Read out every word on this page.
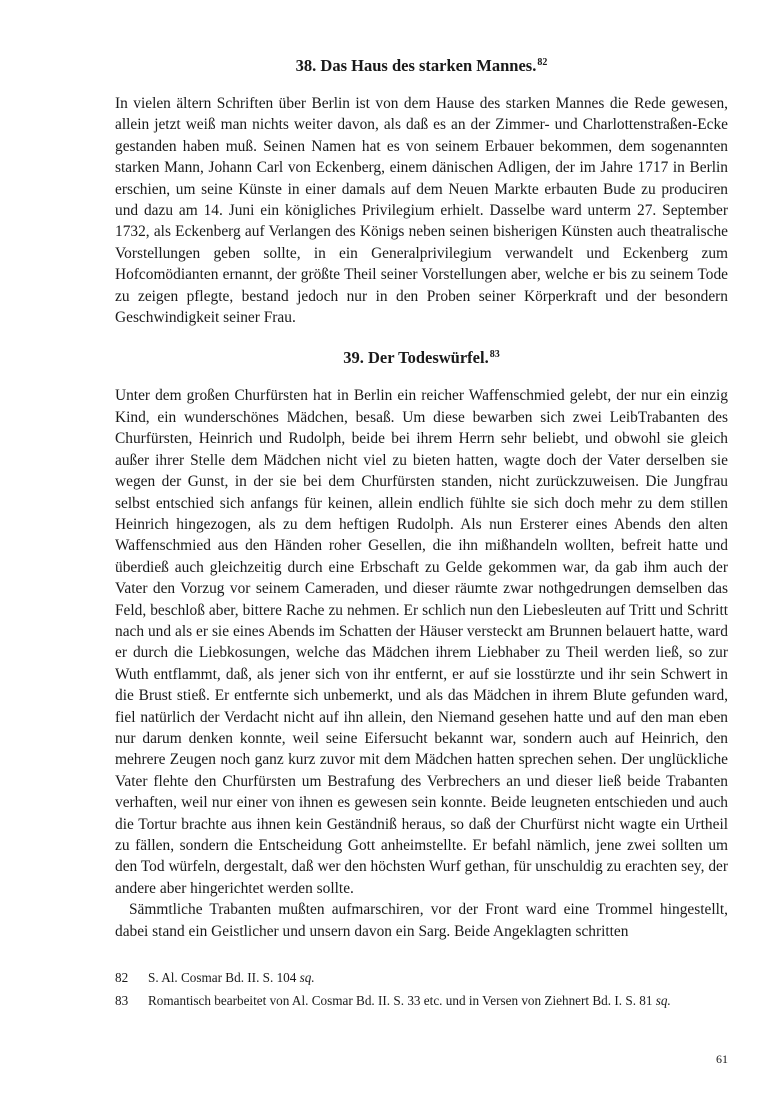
38. Das Haus des starken Mannes.$^{82}$

In vielen ältern Schriften über Berlin ist von dem Hause des starken Mannes die Rede gewesen, allein jetzt weiß man nichts weiter davon, als daß es an der Zimmer- und Charlottenstraßen-Ecke gestanden haben muß. Seinen Namen hat es von seinem Erbauer bekommen, dem sogenannten starken Mann, Johann Carl von Eckenberg, einem dänischen Adligen, der im Jahre 1717 in Berlin erschien, um seine Künste in einer damals auf dem Neuen Markte erbauten Bude zu produciren und dazu am 14. Juni ein königliches Privilegium erhielt. Dasselbe ward unterm 27. September 1732, als Eckenberg auf Verlangen des Königs neben seinen bisherigen Künsten auch theatralische Vorstellungen geben sollte, in ein Generalprivilegium verwandelt und Eckenberg zum Hofcomödianten ernannt, der größte Theil seiner Vorstellungen aber, welche er bis zu seinem Tode zu zeigen pflegte, bestand jedoch nur in den Proben seiner Körperkraft und der besondern Geschwindigkeit seiner Frau.

39. Der Todeswürfel.$^{83}$

Unter dem großen Churfürsten hat in Berlin ein reicher Waffenschmied gelebt, der nur ein einzig Kind, ein wunderschönes Mädchen, besaß. Um diese bewarben sich zwei LeibTrabanten des Churfürsten, Heinrich und Rudolph, beide bei ihrem Herrn sehr beliebt, und obwohl sie gleich außer ihrer Stelle dem Mädchen nicht viel zu bieten hatten, wagte doch der Vater derselben sie wegen der Gunst, in der sie bei dem Churfürsten standen, nicht zurückzuweisen. Die Jungfrau selbst entschied sich anfangs für keinen, allein endlich fühlte sie sich doch mehr zu dem stillen Heinrich hingezogen, als zu dem heftigen Rudolph. Als nun Ersterer eines Abends den alten Waffenschmied aus den Händen roher Gesellen, die ihn mißhandeln wollten, befreit hatte und überdieß auch gleichzeitig durch eine Erbschaft zu Gelde gekommen war, da gab ihm auch der Vater den Vorzug vor seinem Cameraden, und dieser räumte zwar nothgedrungen demselben das Feld, beschloß aber, bittere Rache zu nehmen. Er schlich nun den Liebesleuten auf Tritt und Schritt nach und als er sie eines Abends im Schatten der Häuser versteckt am Brunnen belauert hatte, ward er durch die Liebkosungen, welche das Mädchen ihrem Liebhaber zu Theil werden ließ, so zur Wuth entflammt, daß, als jener sich von ihr entfernt, er auf sie losstürzte und ihr sein Schwert in die Brust stieß. Er entfernte sich unbemerkt, und als das Mädchen in ihrem Blute gefunden ward, fiel natürlich der Verdacht nicht auf ihn allein, den Niemand gesehen hatte und auf den man eben nur darum denken konnte, weil seine Eifersucht bekannt war, sondern auch auf Heinrich, den mehrere Zeugen noch ganz kurz zuvor mit dem Mädchen hatten sprechen sehen. Der unglückliche Vater flehte den Churfürsten um Bestrafung des Verbrechers an und dieser ließ beide Trabanten verhaften, weil nur einer von ihnen es gewesen sein konnte. Beide leugneten entschieden und auch die Tortur brachte aus ihnen kein Geständniß heraus, so daß der Churfürst nicht wagte ein Urtheil zu fällen, sondern die Entscheidung Gott anheimstellte. Er befahl nämlich, jene zwei sollten um den Tod würfeln, dergestalt, daß wer den höchsten Wurf gethan, für unschuldig zu erachten sey, der andere aber hingerichtet werden sollte.

Sämmtliche Trabanten mußten aufmarschiren, vor der Front ward eine Trommel hingestellt, dabei stand ein Geistlicher und unsern davon ein Sarg. Beide Angeklagten schritten

82	S. Al. Cosmar Bd. II. S. 104 sq.
83	Romantisch bearbeitet von Al. Cosmar Bd. II. S. 33 etc. und in Versen von Ziehnert Bd. I. S. 81 sq.
61
